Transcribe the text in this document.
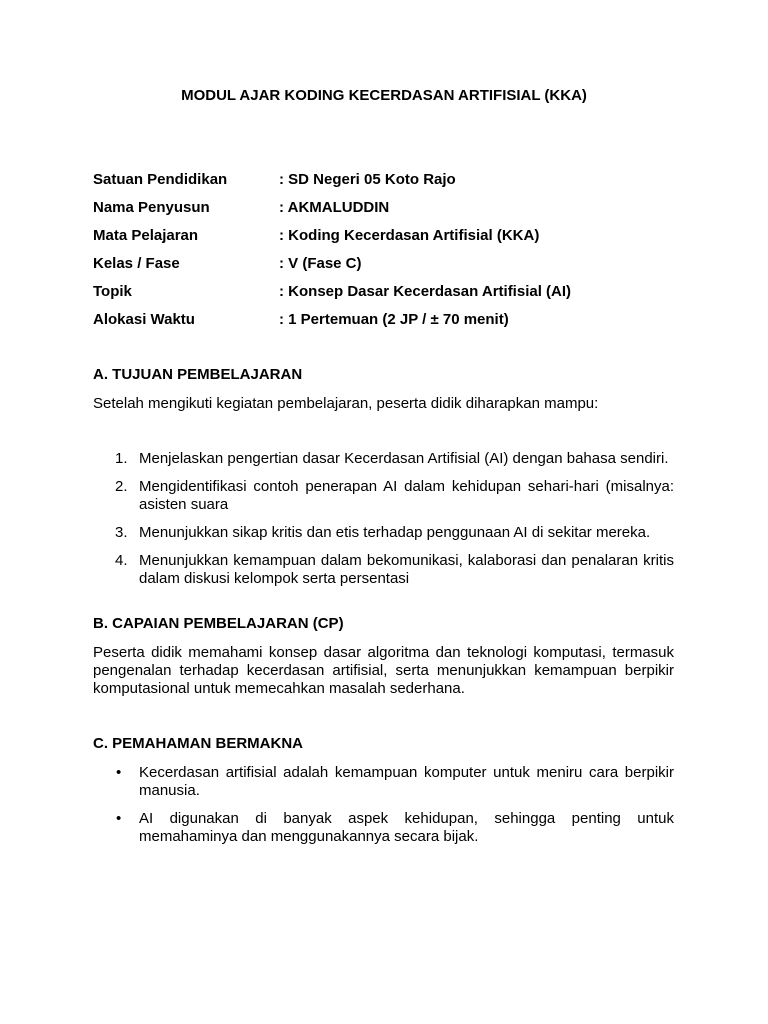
MODUL AJAR KODING KECERDASAN ARTIFISIAL (KKA)
Satuan Pendidikan	: SD Negeri 05 Koto Rajo
Nama Penyusun	: AKMALUDDIN
Mata Pelajaran	: Koding Kecerdasan Artifisial (KKA)
Kelas / Fase	: V (Fase C)
Topik	: Konsep Dasar Kecerdasan Artifisial (AI)
Alokasi Waktu	: 1 Pertemuan (2 JP / ± 70 menit)
A. TUJUAN PEMBELAJARAN
Setelah mengikuti kegiatan pembelajaran, peserta didik diharapkan mampu:
1. Menjelaskan pengertian dasar Kecerdasan Artifisial (AI) dengan bahasa sendiri.
2. Mengidentifikasi contoh penerapan AI dalam kehidupan sehari-hari (misalnya: asisten suara
3. Menunjukkan sikap kritis dan etis terhadap penggunaan AI di sekitar mereka.
4. Menunjukkan kemampuan dalam bekomunikasi, kalaborasi dan penalaran kritis dalam diskusi kelompok serta persentasi
B. CAPAIAN PEMBELAJARAN (CP)
Peserta didik memahami konsep dasar algoritma dan teknologi komputasi, termasuk pengenalan terhadap kecerdasan artifisial, serta menunjukkan kemampuan berpikir komputasional untuk memecahkan masalah sederhana.
C. PEMAHAMAN BERMAKNA
• Kecerdasan artifisial adalah kemampuan komputer untuk meniru cara berpikir manusia.
• AI digunakan di banyak aspek kehidupan, sehingga penting untuk memahaminya dan menggunakannya secara bijak.
